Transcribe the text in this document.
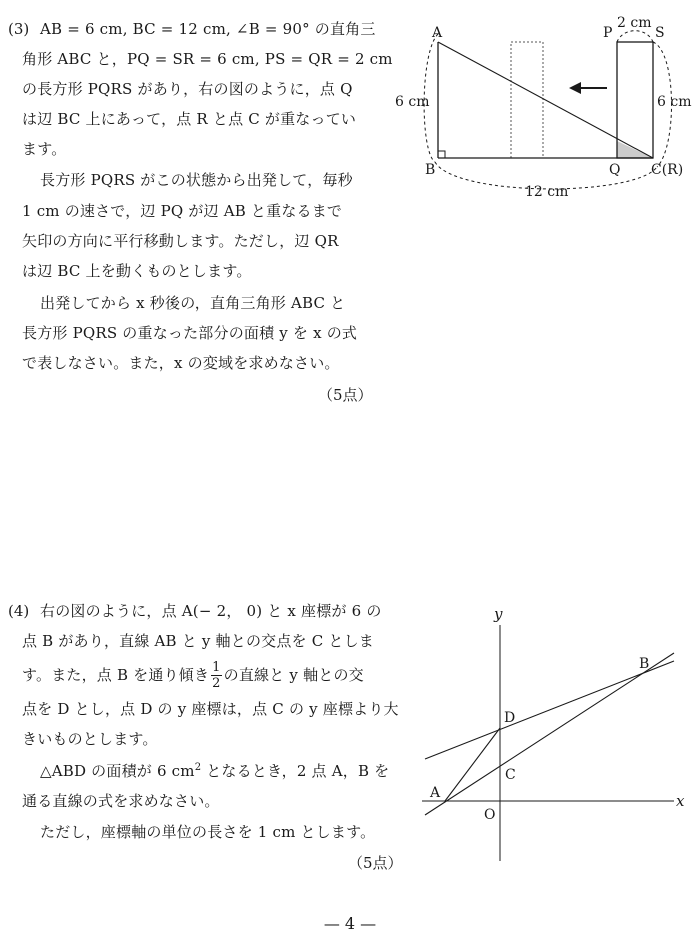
(3) AB = 6 cm, BC = 12 cm, ∠B = 90° の直角三
角形 ABC と，PQ = SR = 6 cm, PS = QR = 2 cm
の長方形 PQRS があり，右の図のように，点 Q
は辺 BC 上にあって，点 R と点 C が重なってい
ます。
長方形 PQRS がこの状態から出発して，毎秒
1 cm の速さで，辺 PQ が辺 AB と重なるまで
矢印の方向に平行移動します。ただし，辺 QR
は辺 BC 上を動くものとします。
出発してから x 秒後の，直角三角形 ABC と
長方形 PQRS の重なった部分の面積 y を x の式
で表しなさい。また，x の変域を求めなさい。
（5点）
A
B
P	S
Q C(R)
6 cm
12 cm
2 cm
6 cm
(4) 右の図のように，点 A(− 2， 0) と x 座標が 6 の
点 B があり，直線 AB と y 軸との交点を C としま
す。また，点 B を通り傾き $\frac{1}{2}$ の直線と y 軸との交
点を D とし，点 D の y 座標は，点 C の y 座標より大
きいものとします。
△ABD の面積が 6 $cm^2$ となるとき，2 点 A，B を
通る直線の式を求めなさい。
ただし，座標軸の単位の長さを 1 cm とします。
（5点）
y
x
O
A
B
C
D
— 4 —
